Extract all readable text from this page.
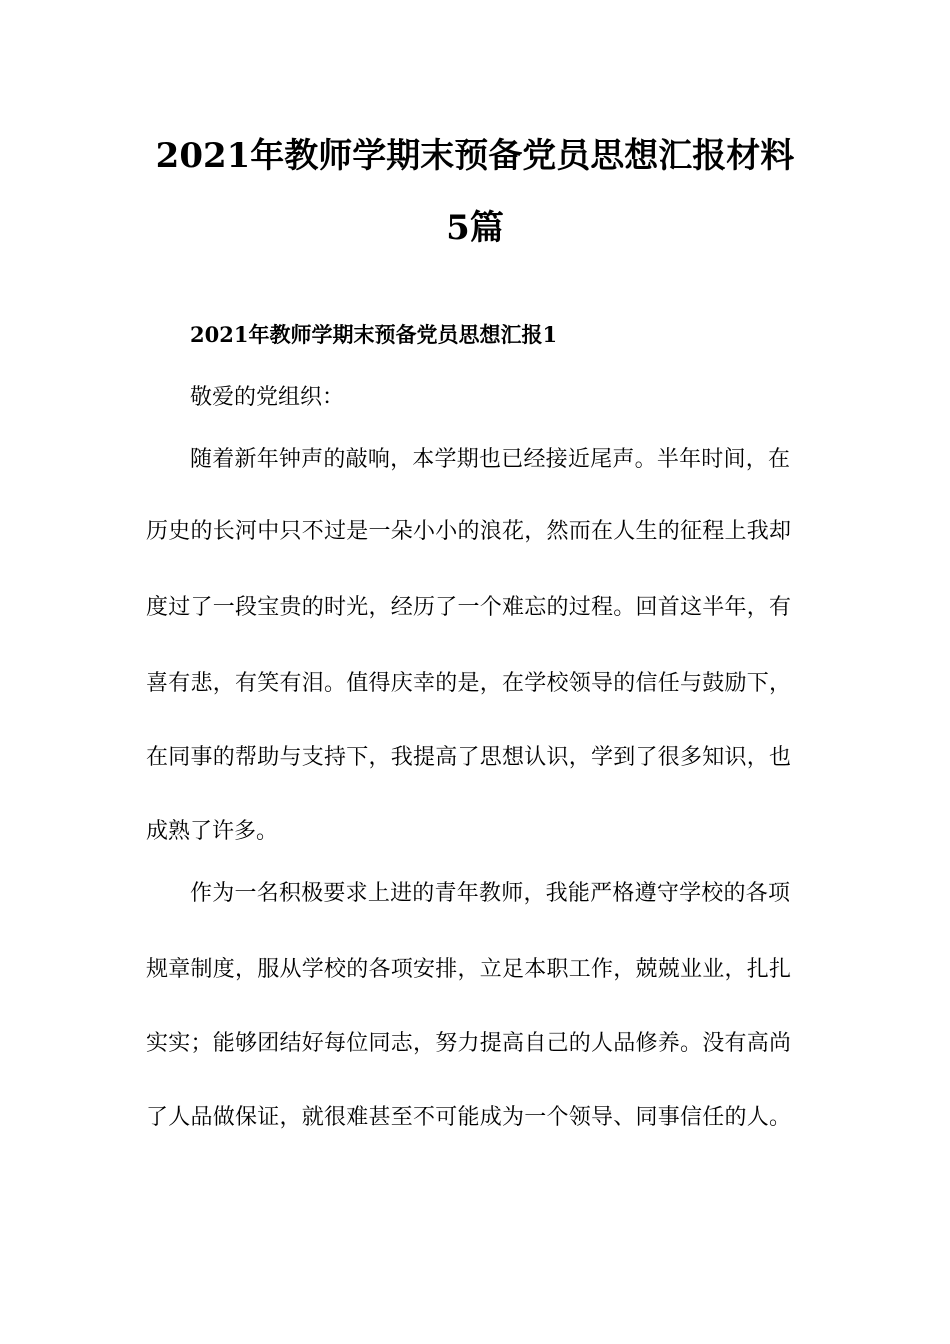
2021年教师学期末预备党员思想汇报材料
5篇
2021年教师学期末预备党员思想汇报1
敬爱的党组织：
随着新年钟声的敲响，本学期也已经接近尾声。半年时间，在
历史的长河中只不过是一朵小小的浪花，然而在人生的征程上我却
度过了一段宝贵的时光，经历了一个难忘的过程。回首这半年，有
喜有悲，有笑有泪。值得庆幸的是，在学校领导的信任与鼓励下，
在同事的帮助与支持下，我提高了思想认识，学到了很多知识，也
成熟了许多。
作为一名积极要求上进的青年教师，我能严格遵守学校的各项
规章制度，服从学校的各项安排，立足本职工作，兢兢业业，扎扎
实实；能够团结好每位同志，努力提高自己的人品修养。没有高尚
了人品做保证，就很难甚至不可能成为一个领导、同事信任的人。
